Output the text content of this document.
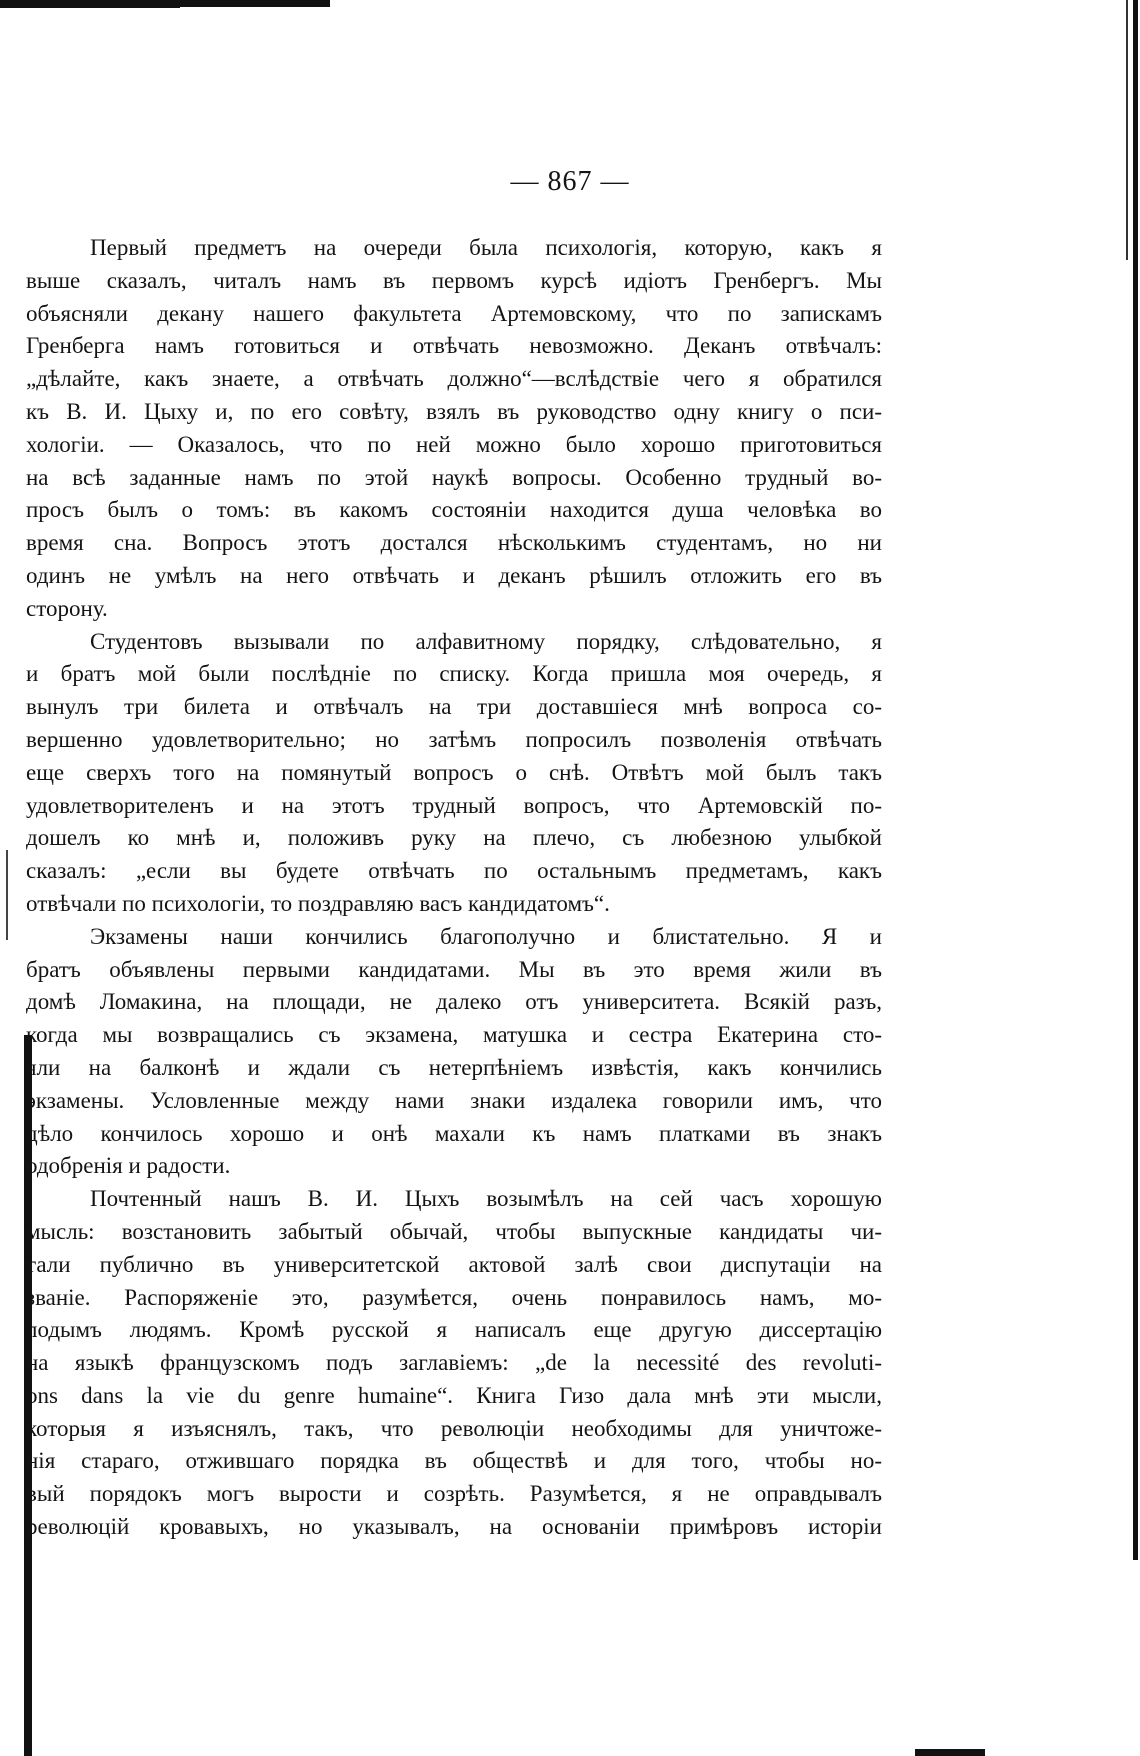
— 867 —
Первый предметъ на очереди была психологія, которую, какъ я
выше сказалъ, читалъ намъ въ первомъ курсѣ идіотъ Гренбергъ. Мы
объясняли декану нашего факультета Артемовскому, что по запискамъ
Гренберга намъ готовиться и отвѣчать невозможно. Деканъ отвѣчалъ:
„дѣлайте, какъ знаете, а отвѣчать должно“—вслѣдствіе чего я обратился
къ В. И. Цыху и, по его совѣту, взялъ въ руководство одну книгу о пси-
хологіи. — Оказалось, что по ней можно было хорошо приготовиться
на всѣ заданные намъ по этой наукѣ вопросы. Особенно трудный во-
просъ былъ о томъ: въ какомъ состояніи находится душа человѣка во
время сна. Вопросъ этотъ достался нѣсколькимъ студентамъ, но ни
одинъ не умѣлъ на него отвѣчать и деканъ рѣшилъ отложить его въ
сторону.
Студентовъ вызывали по алфавитному порядку, слѣдовательно, я
и братъ мой были послѣдніе по списку. Когда пришла моя очередь, я
вынулъ три билета и отвѣчалъ на три доставшіеся мнѣ вопроса со-
вершенно удовлетворительно; но затѣмъ попросилъ позволенія отвѣчать
еще сверхъ того на помянутый вопросъ о снѣ. Отвѣтъ мой былъ такъ
удовлетворителенъ и на этотъ трудный вопросъ, что Артемовскій по-
дошелъ ко мнѣ и, положивъ руку на плечо, съ любезною улыбкой
сказалъ: „если вы будете отвѣчать по остальнымъ предметамъ, какъ
отвѣчали по психологіи, то поздравляю васъ кандидатомъ“.
Экзамены наши кончились благополучно и блистательно. Я и
братъ объявлены первыми кандидатами. Мы въ это время жили въ
домѣ Ломакина, на площади, не далеко отъ университета. Всякій разъ,
когда мы возвращались съ экзамена, матушка и сестра Екатерина сто-
яли на балконѣ и ждали съ нетерпѣніемъ извѣстія, какъ кончились
экзамены. Условленные между нами знаки издалека говорили имъ, что
дѣло кончилось хорошо и онѣ махали къ намъ платками въ знакъ
одобренія и радости.
Почтенный нашъ В. И. Цыхъ возымѣлъ на сей часъ хорошую
мысль: возстановить забытый обычай, чтобы выпускные кандидаты чи-
тали публично въ университетской актовой залѣ свои диспутаціи на
званіе. Распоряженіе это, разумѣется, очень понравилось намъ, мо-
лодымъ людямъ. Кромѣ русской я написалъ еще другую диссертацію
на языкѣ французскомъ подъ заглавіемъ: „de la necessité des revoluti-
ons dans la vie du genre humaine“. Книга Гизо дала мнѣ эти мысли,
которыя я изъяснялъ, такъ, что революціи необходимы для уничтоже-
нія стараго, отжившаго порядка въ обществѣ и для того, чтобы но-
вый порядокъ могъ вырости и созрѣть. Разумѣется, я не оправдывалъ
революцій кровавыхъ, но указывалъ, на основаніи примѣровъ исторіи
